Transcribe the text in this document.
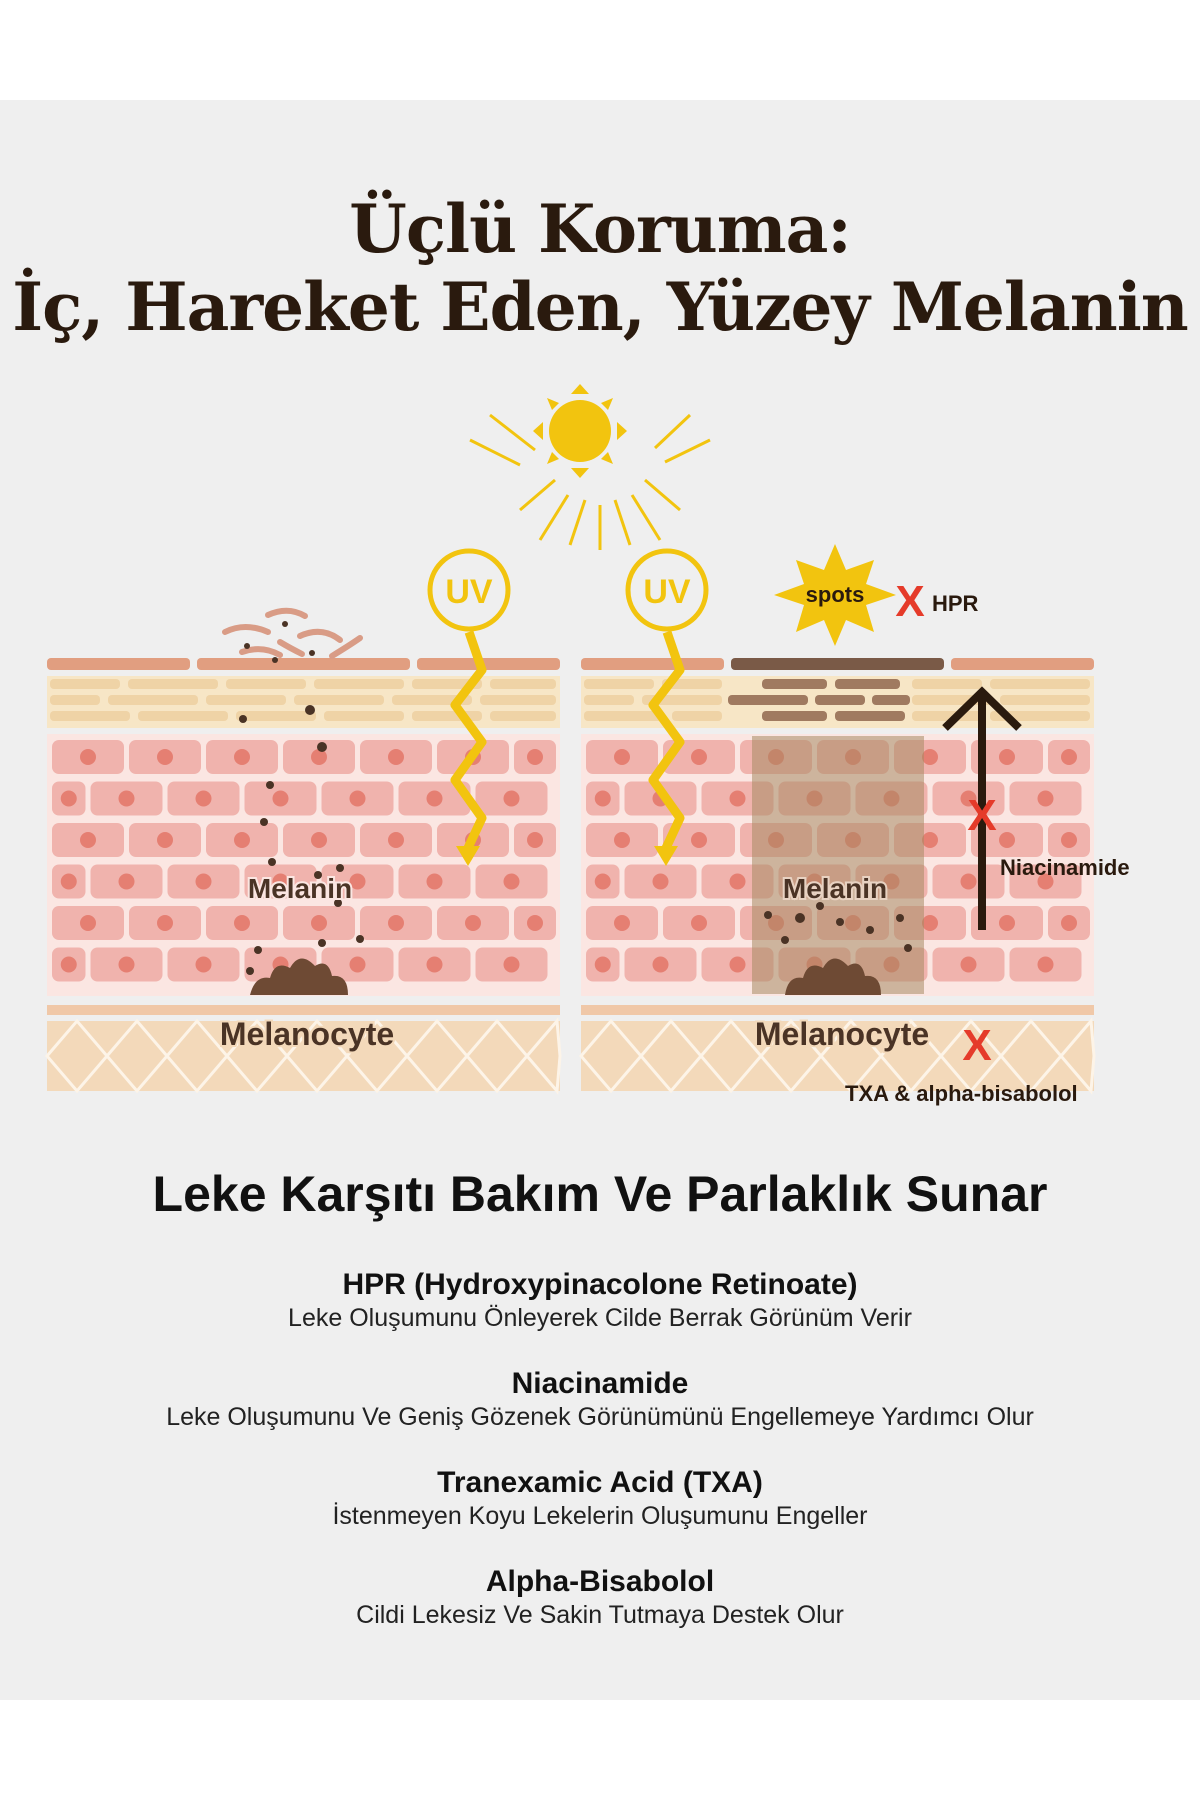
Üçlü Koruma:
İç, Hareket Eden, Yüzey Melanin
UV
Melanin
Melanocyte
UV
Melanin
Melanocyte
spots X HPR
X
Niacinamide
X
TXA & alpha-bisabolol
Leke Karşıtı Bakım Ve Parlaklık Sunar
HPR (Hydroxypinacolone Retinoate)
Leke Oluşumunu Önleyerek Cilde Berrak Görünüm Verir
Niacinamide
Leke Oluşumunu Ve Geniş Gözenek Görünümünü Engellemeye Yardımcı Olur
Tranexamic Acid (TXA)
İstenmeyen Koyu Lekelerin Oluşumunu Engeller
Alpha-Bisabolol
Cildi Lekesiz Ve Sakin Tutmaya Destek Olur
